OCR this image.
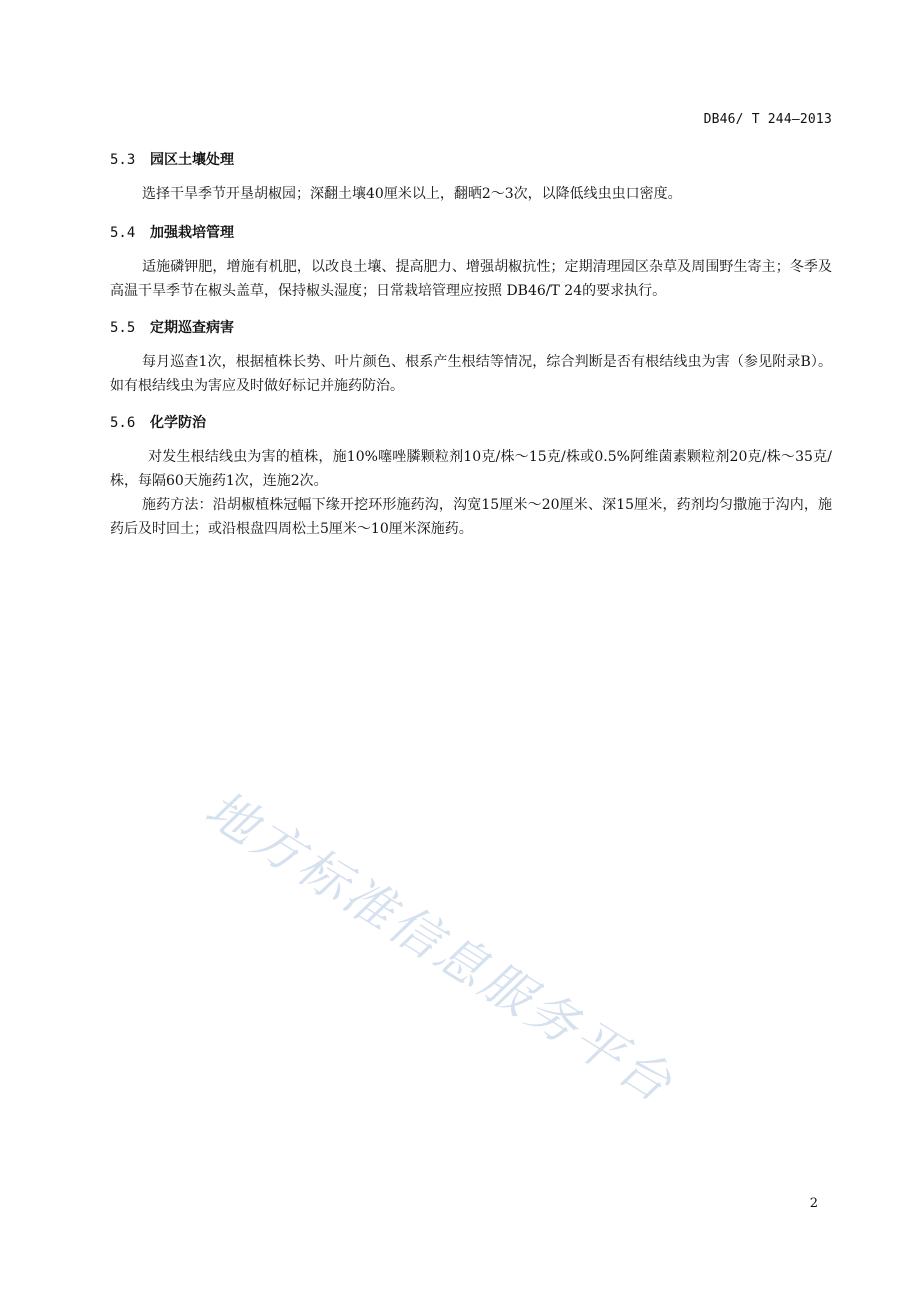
DB46/ T 244—2013
5.3	园区土壤处理

选择干旱季节开垦胡椒园；深翻土壤40厘米以上，翻晒2～3次，以降低线虫虫口密度。

5.4	加强栽培管理

适施磷钾肥，增施有机肥，以改良土壤、提高肥力、增强胡椒抗性；定期清理园区杂草及周围野生寄主；冬季及高温干旱季节在椒头盖草，保持椒头湿度；日常栽培管理应按照 DB46/T 24的要求执行。

5.5	定期巡查病害

每月巡查1次，根据植株长势、叶片颜色、根系产生根结等情况，综合判断是否有根结线虫为害（参见附录B）。如有根结线虫为害应及时做好标记并施药防治。

5.6	化学防治

对发生根结线虫为害的植株，施10%噻唑膦颗粒剂10克/株～15克/株或0.5%阿维菌素颗粒剂20克/株～35克/株，每隔60天施药1次，连施2次。

施药方法：沿胡椒植株冠幅下缘开挖环形施药沟，沟宽15厘米～20厘米、深15厘米，药剂均匀撒施于沟内，施药后及时回土；或沿根盘四周松土5厘米～10厘米深施药。

地方标准信息服务平台
2
